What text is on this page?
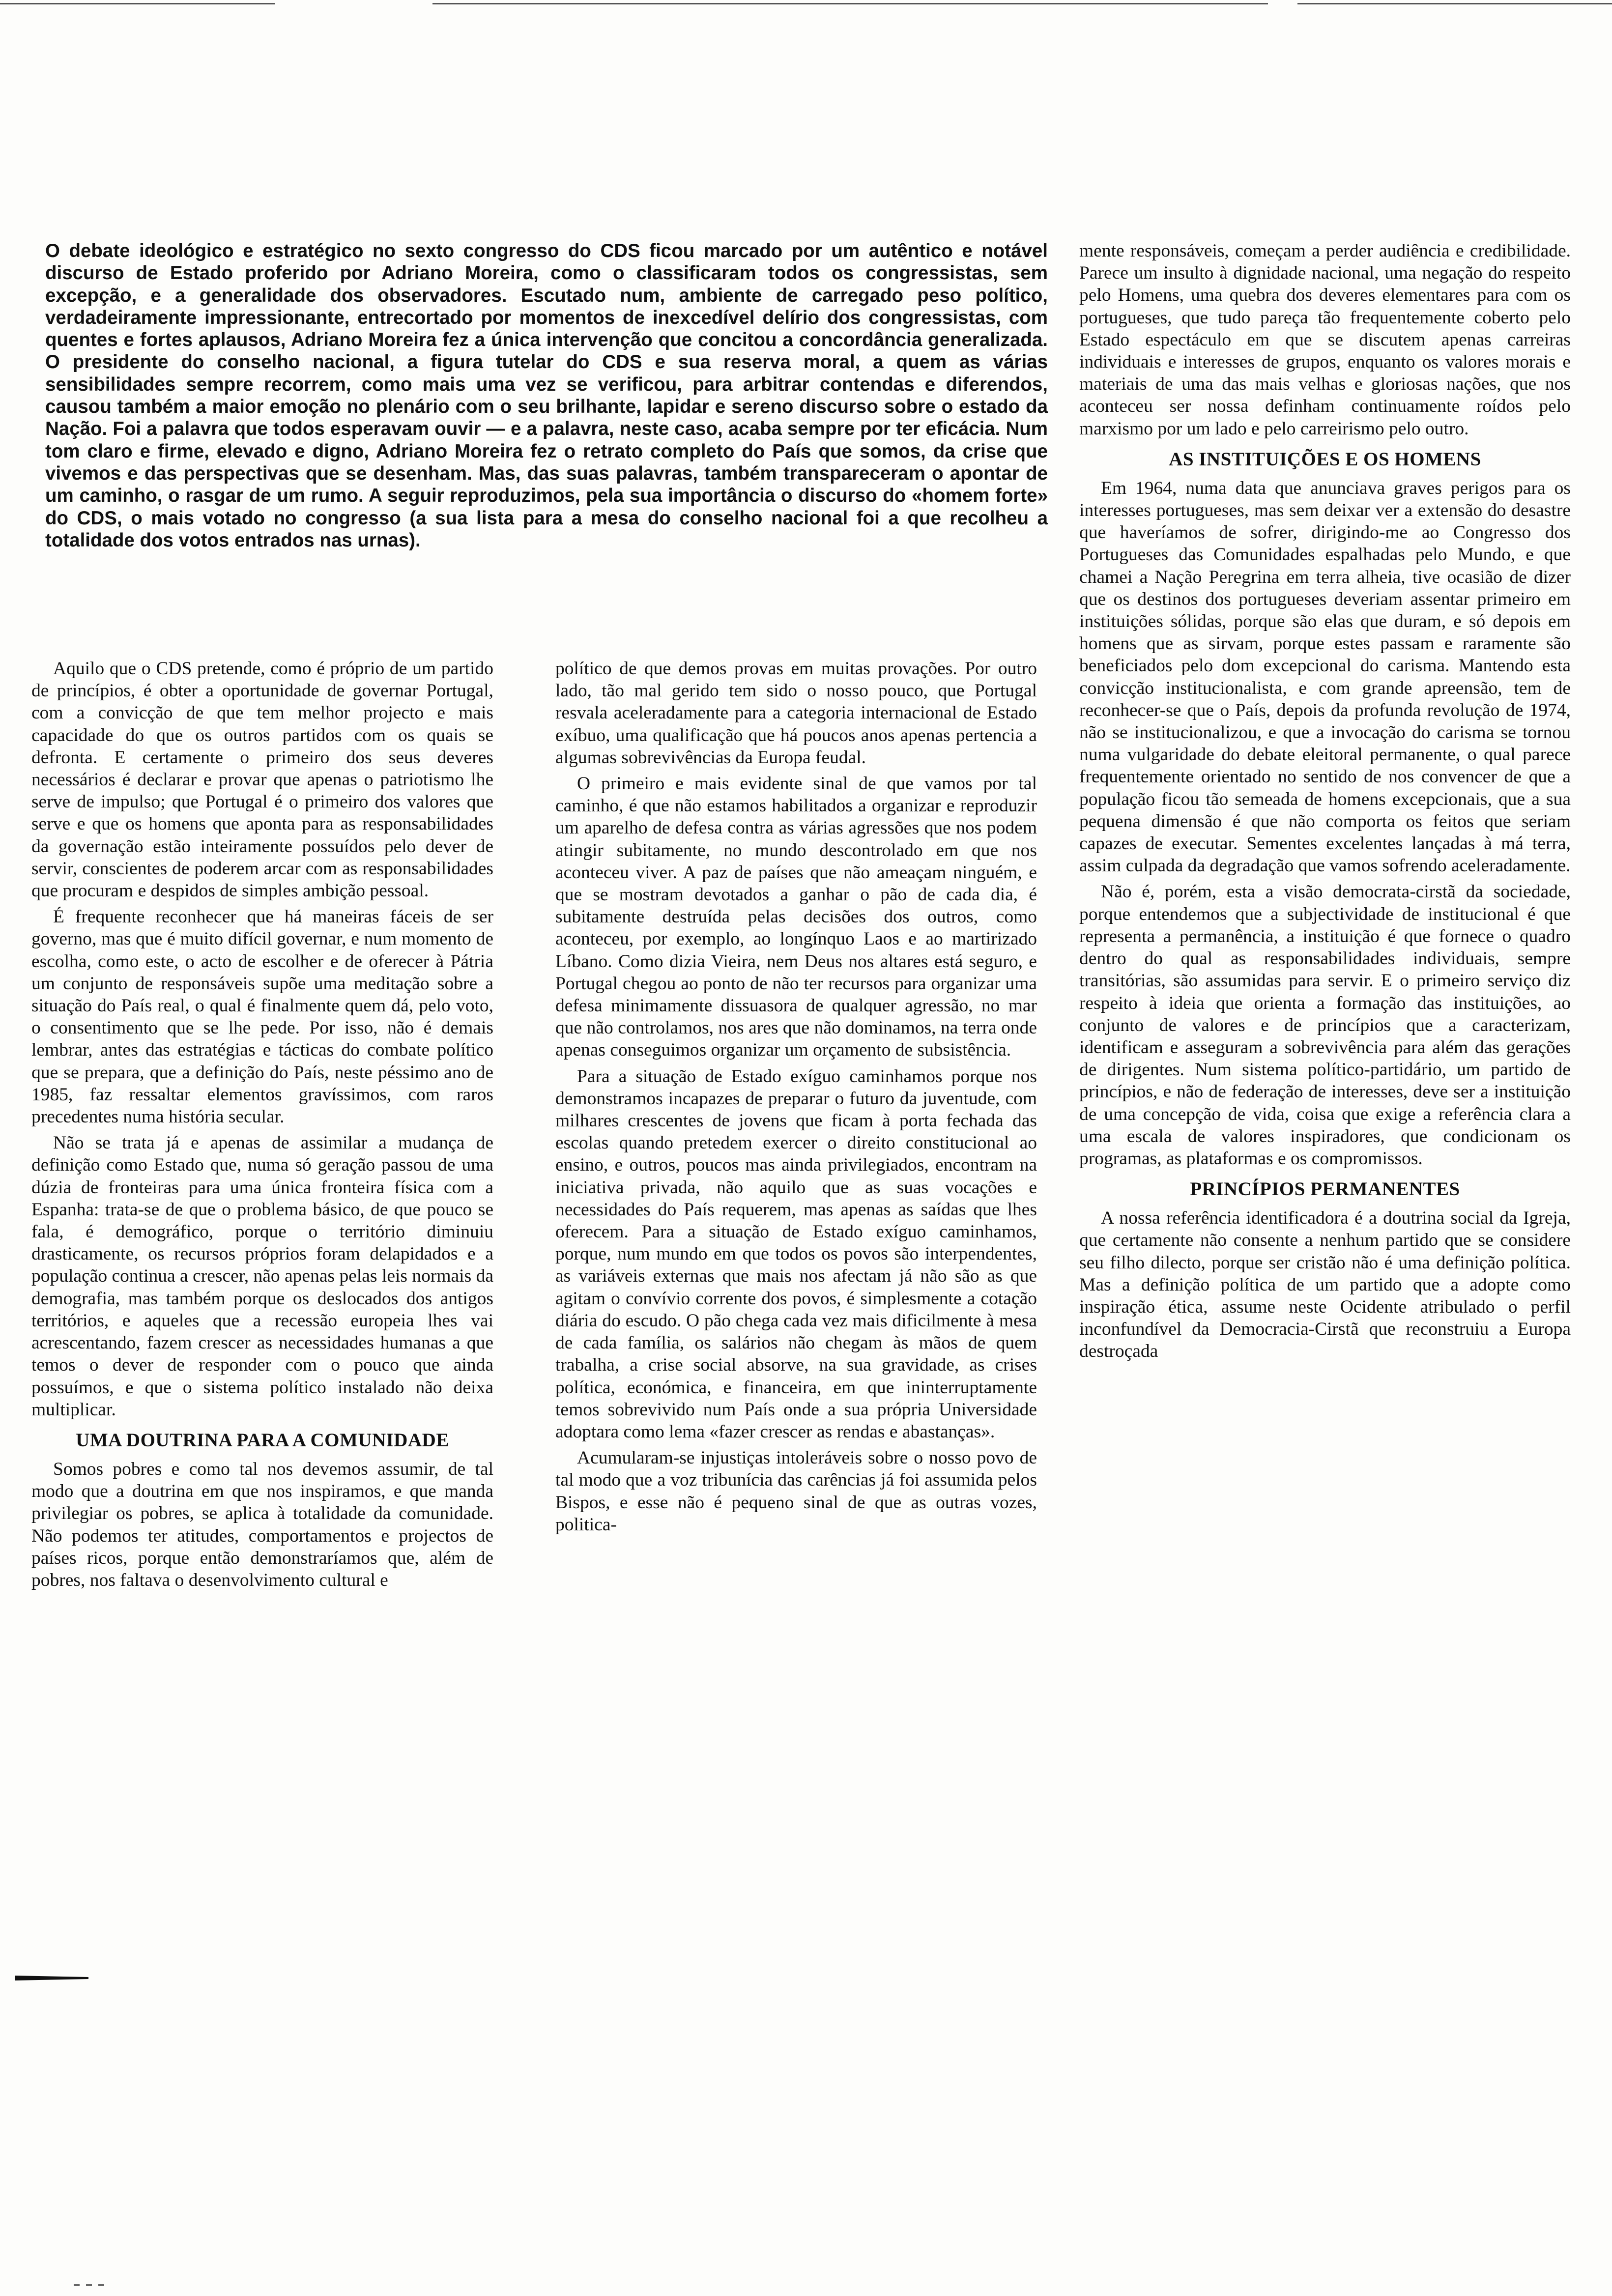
O debate ideológico e estratégico no sexto congresso do CDS ficou marcado por um autêntico e notável discurso de Estado proferido por Adriano Moreira, como o classificaram todos os congressistas, sem excepção, e a generalidade dos observadores. Escutado num, ambiente de carregado peso político, verdadeiramente impressionante, entrecortado por momentos de inexcedível delírio dos congressistas, com quentes e fortes aplausos, Adriano Moreira fez a única intervenção que concitou a concordância generalizada. O presidente do conselho nacional, a figura tutelar do CDS e sua reserva moral, a quem as várias sensibilidades sempre recorrem, como mais uma vez se verificou, para arbitrar contendas e diferendos, causou também a maior emoção no plenário com o seu brilhante, lapidar e sereno discurso sobre o estado da Nação. Foi a palavra que todos esperavam ouvir — e a palavra, neste caso, acaba sempre por ter eficácia. Num tom claro e firme, elevado e digno, Adriano Moreira fez o retrato completo do País que somos, da crise que vivemos e das perspectivas que se desenham. Mas, das suas palavras, também transpareceram o apontar de um caminho, o rasgar de um rumo. A seguir reproduzimos, pela sua importância o discurso do «homem forte» do CDS, o mais votado no congresso (a sua lista para a mesa do conselho nacional foi a que recolheu a totalidade dos votos entrados nas urnas).

Aquilo que o CDS pretende, como é próprio de um partido de princípios, é obter a oportunidade de governar Portugal, com a convicção de que tem melhor projecto e mais capacidade do que os outros partidos com os quais se defronta. E certamente o primeiro dos seus deveres necessários é declarar e provar que apenas o patriotismo lhe serve de impulso; que Portugal é o primeiro dos valores que serve e que os homens que aponta para as responsabilidades da governação estão inteiramente possuídos pelo dever de servir, conscientes de poderem arcar com as responsabilidades que procuram e despidos de simples ambição pessoal.

É frequente reconhecer que há maneiras fáceis de ser governo, mas que é muito difícil governar, e num momento de escolha, como este, o acto de escolher e de oferecer à Pátria um conjunto de responsáveis supõe uma meditação sobre a situação do País real, o qual é finalmente quem dá, pelo voto, o consentimento que se lhe pede. Por isso, não é demais lembrar, antes das estratégias e tácticas do combate político que se prepara, que a definição do País, neste péssimo ano de 1985, faz ressaltar elementos gravíssimos, com raros precedentes numa história secular.

Não se trata já e apenas de assimilar a mudança de definição como Estado que, numa só geração passou de uma dúzia de fronteiras para uma única fronteira física com a Espanha: trata-se de que o problema básico, de que pouco se fala, é demográfico, porque o território diminuiu drasticamente, os recursos próprios foram delapidados e a população continua a crescer, não apenas pelas leis normais da demografia, mas também porque os deslocados dos antigos territórios, e aqueles que a recessão europeia lhes vai acrescentando, fazem crescer as necessidades humanas a que temos o dever de responder com o pouco que ainda possuímos, e que o sistema político instalado não deixa multiplicar.

UMA DOUTRINA PARA A COMUNIDADE

Somos pobres e como tal nos devemos assumir, de tal modo que a doutrina em que nos inspiramos, e que manda privilegiar os pobres, se aplica à totalidade da comunidade. Não podemos ter atitudes, comportamentos e projectos de países ricos, porque então demonstraríamos que, além de pobres, nos faltava o desenvolvimento cultural e

político de que demos provas em muitas provações. Por outro lado, tão mal gerido tem sido o nosso pouco, que Portugal resvala aceleradamente para a categoria internacional de Estado exíbuo, uma qualificação que há poucos anos apenas pertencia a algumas sobrevivências da Europa feudal.

O primeiro e mais evidente sinal de que vamos por tal caminho, é que não estamos habilitados a organizar e reproduzir um aparelho de defesa contra as várias agressões que nos podem atingir subitamente, no mundo descontrolado em que nos aconteceu viver. A paz de países que não ameaçam ninguém, e que se mostram devotados a ganhar o pão de cada dia, é subitamente destruída pelas decisões dos outros, como aconteceu, por exemplo, ao longínquo Laos e ao martirizado Líbano. Como dizia Vieira, nem Deus nos altares está seguro, e Portugal chegou ao ponto de não ter recursos para organizar uma defesa minimamente dissuasora de qualquer agressão, no mar que não controlamos, nos ares que não dominamos, na terra onde apenas conseguimos organizar um orçamento de subsistência.

Para a situação de Estado exíguo caminhamos porque nos demonstramos incapazes de preparar o futuro da juventude, com milhares crescentes de jovens que ficam à porta fechada das escolas quando pretedem exercer o direito constitucional ao ensino, e outros, poucos mas ainda privilegiados, encontram na iniciativa privada, não aquilo que as suas vocações e necessidades do País requerem, mas apenas as saídas que lhes oferecem. Para a situação de Estado exíguo caminhamos, porque, num mundo em que todos os povos são interpendentes, as variáveis externas que mais nos afectam já não são as que agitam o convívio corrente dos povos, é simplesmente a cotação diária do escudo. O pão chega cada vez mais dificilmente à mesa de cada família, os salários não chegam às mãos de quem trabalha, a crise social absorve, na sua gravidade, as crises política, económica, e financeira, em que ininterruptamente temos sobrevivido num País onde a sua própria Universidade adoptara como lema «fazer crescer as rendas e abastanças».

Acumularam-se injustiças intoleráveis sobre o nosso povo de tal modo que a voz tribunícia das carências já foi assumida pelos Bispos, e esse não é pequeno sinal de que as outras vozes, politica-

mente responsáveis, começam a perder audiência e credibilidade. Parece um insulto à dignidade nacional, uma negação do respeito pelo Homens, uma quebra dos deveres elementares para com os portugueses, que tudo pareça tão frequentemente coberto pelo Estado espectáculo em que se discutem apenas carreiras individuais e interesses de grupos, enquanto os valores morais e materiais de uma das mais velhas e gloriosas nações, que nos aconteceu ser nossa definham continuamente roídos pelo marxismo por um lado e pelo carreirismo pelo outro.

AS INSTITUIÇÕES E OS HOMENS

Em 1964, numa data que anunciava graves perigos para os interesses portugueses, mas sem deixar ver a extensão do desastre que haveríamos de sofrer, dirigindo-me ao Congresso dos Portugueses das Comunidades espalhadas pelo Mundo, e que chamei a Nação Peregrina em terra alheia, tive ocasião de dizer que os destinos dos portugueses deveriam assentar primeiro em instituições sólidas, porque são elas que duram, e só depois em homens que as sirvam, porque estes passam e raramente são beneficiados pelo dom excepcional do carisma. Mantendo esta convicção institucionalista, e com grande apreensão, tem de reconhecer-se que o País, depois da profunda revolução de 1974, não se institucionalizou, e que a invocação do carisma se tornou numa vulgaridade do debate eleitoral permanente, o qual parece frequentemente orientado no sentido de nos convencer de que a população ficou tão semeada de homens excepcionais, que a sua pequena dimensão é que não comporta os feitos que seriam capazes de executar. Sementes excelentes lançadas à má terra, assim culpada da degradação que vamos sofrendo aceleradamente.

Não é, porém, esta a visão democrata-cirstã da sociedade, porque entendemos que a subjectividade de institucional é que representa a permanência, a instituição é que fornece o quadro dentro do qual as responsabilidades individuais, sempre transitórias, são assumidas para servir. E o primeiro serviço diz respeito à ideia que orienta a formação das instituições, ao conjunto de valores e de princípios que a caracterizam, identificam e asseguram a sobrevivência para além das gerações de dirigentes. Num sistema político-partidário, um partido de princípios, e não de federação de interesses, deve ser a instituição de uma concepção de vida, coisa que exige a referência clara a uma escala de valores inspiradores, que condicionam os programas, as plataformas e os compromissos.

PRINCÍPIOS PERMANENTES

A nossa referência identificadora é a doutrina social da Igreja, que certamente não consente a nenhum partido que se considere seu filho dilecto, porque ser cristão não é uma definição política. Mas a definição política de um partido que a adopte como inspiração ética, assume neste Ocidente atribulado o perfil inconfundível da Democracia-Cirstã que reconstruiu a Europa destroçada
